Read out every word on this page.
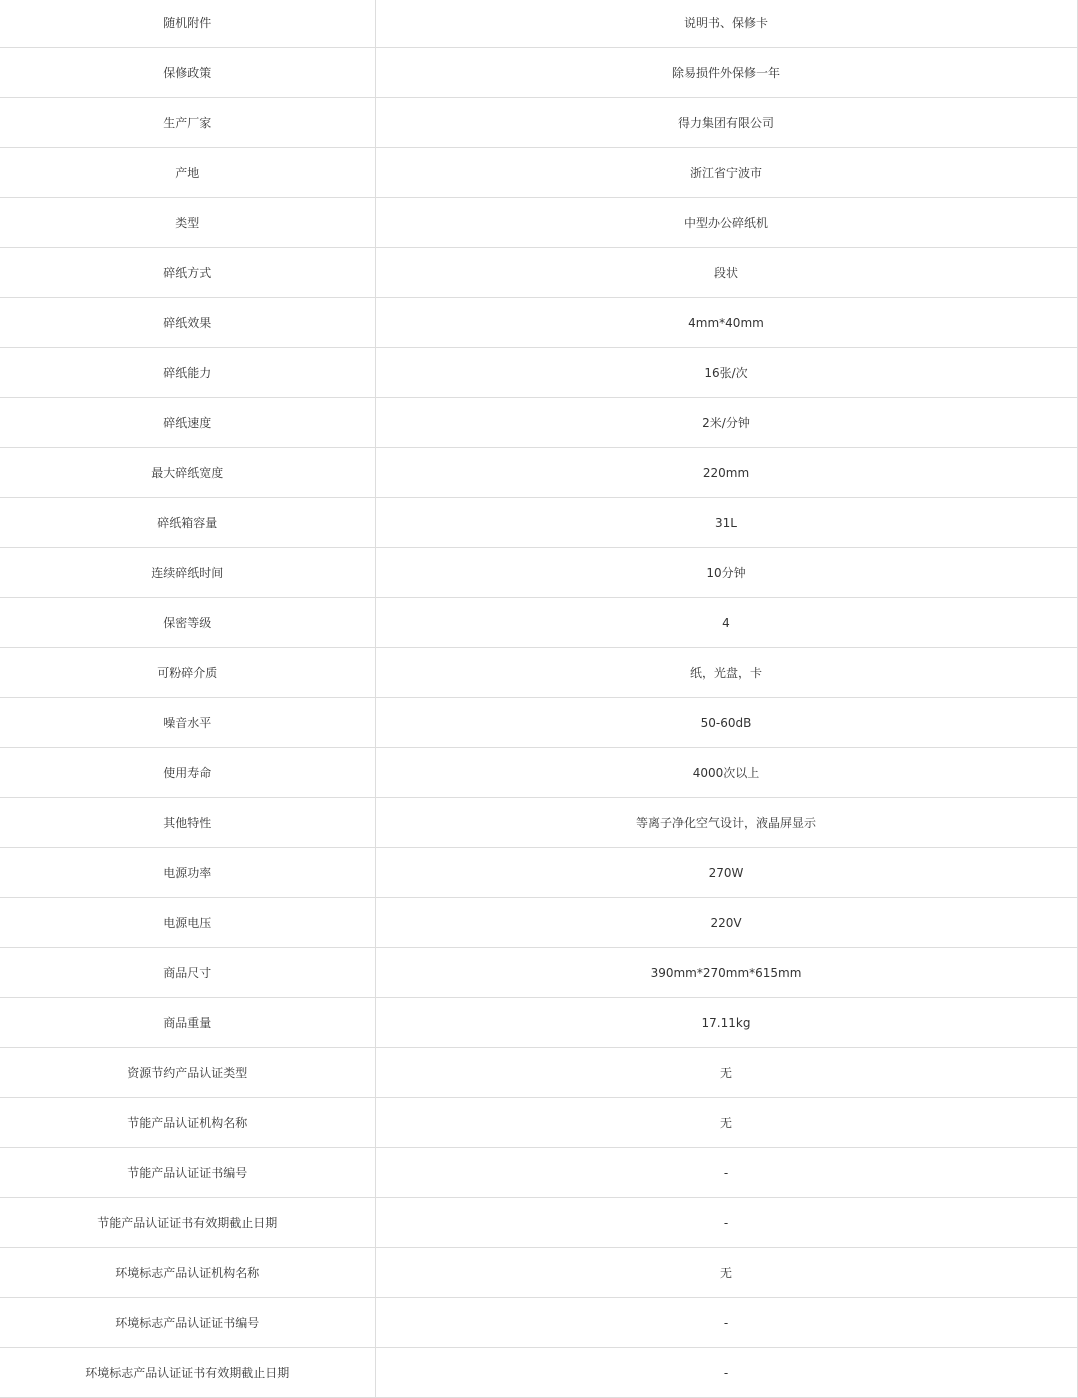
随机附件	说明书、保修卡
保修政策	除易损件外保修一年
生产厂家	得力集团有限公司
产地	浙江省宁波市
类型	中型办公碎纸机
碎纸方式	段状
碎纸效果	4mm*40mm
碎纸能力	16张/次
碎纸速度	2米/分钟
最大碎纸宽度	220mm
碎纸箱容量	31L
连续碎纸时间	10分钟
保密等级	4
可粉碎介质	纸，光盘，卡
噪音水平	50-60dB
使用寿命	4000次以上
其他特性	等离子净化空气设计，液晶屏显示
电源功率	270W
电源电压	220V
商品尺寸	390mm*270mm*615mm
商品重量	17.11kg
资源节约产品认证类型	无
节能产品认证机构名称	无
节能产品认证证书编号	-
节能产品认证证书有效期截止日期	-
环境标志产品认证机构名称	无
环境标志产品认证证书编号	-
环境标志产品认证证书有效期截止日期	-
